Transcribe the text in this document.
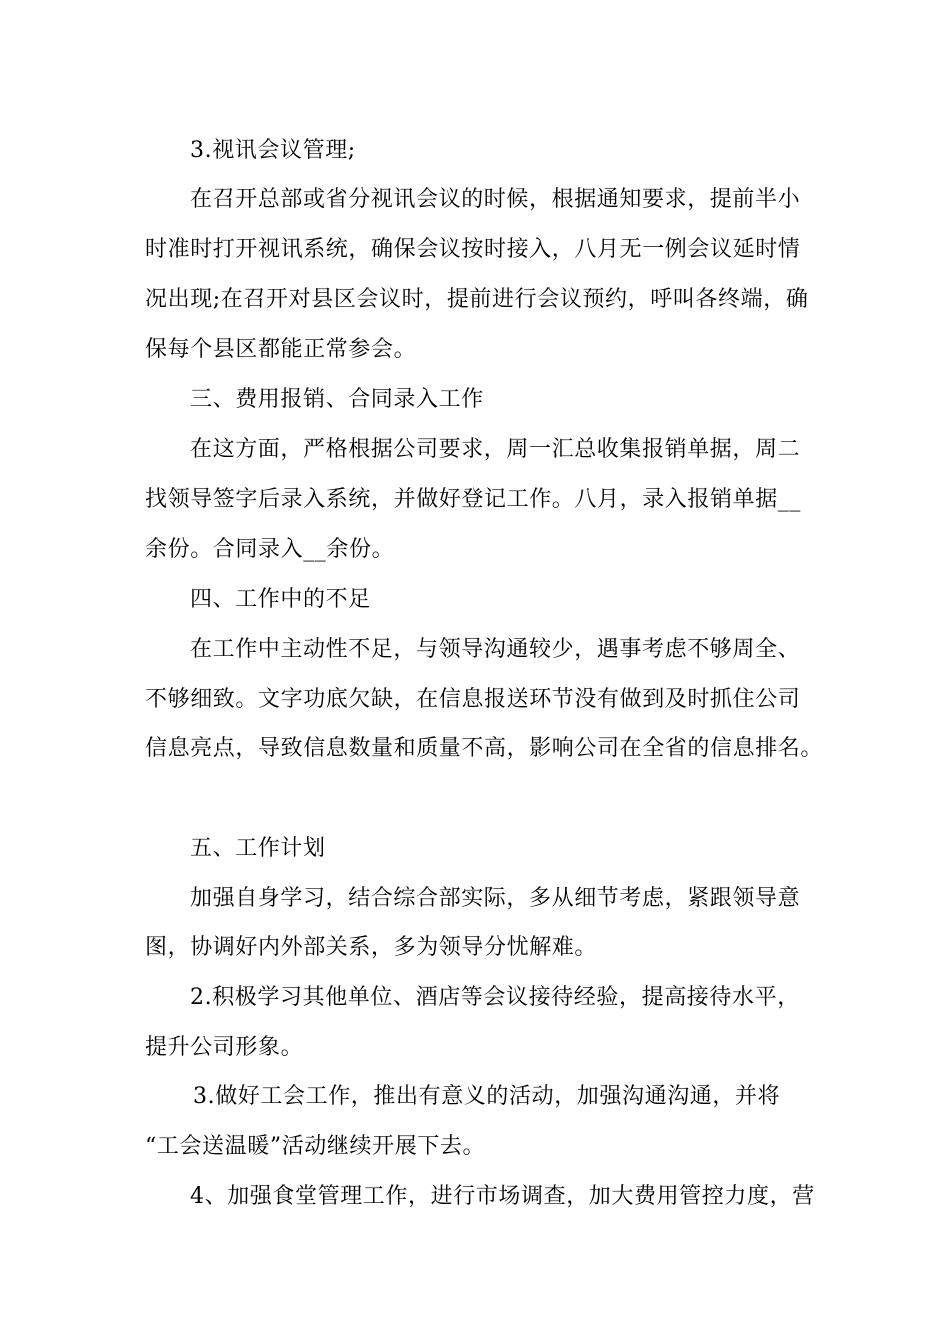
3.视讯会议管理;
在召开总部或省分视讯会议的时候，根据通知要求，提前半小
时准时打开视讯系统，确保会议按时接入，八月无一例会议延时情
况出现;在召开对县区会议时，提前进行会议预约，呼叫各终端，确
保每个县区都能正常参会。
三、费用报销、合同录入工作
在这方面，严格根据公司要求，周一汇总收集报销单据，周二
找领导签字后录入系统，并做好登记工作。八月，录入报销单据__
余份。合同录入__余份。
四、工作中的不足
在工作中主动性不足，与领导沟通较少，遇事考虑不够周全、
不够细致。文字功底欠缺，在信息报送环节没有做到及时抓住公司
信息亮点，导致信息数量和质量不高，影响公司在全省的信息排名。
五、工作计划
加强自身学习，结合综合部实际，多从细节考虑，紧跟领导意
图，协调好内外部关系，多为领导分忧解难。
2.积极学习其他单位、酒店等会议接待经验，提高接待水平，
提升公司形象。
3.做好工会工作，推出有意义的活动，加强沟通沟通，并将
“工会送温暖”活动继续开展下去。
4、加强食堂管理工作，进行市场调查，加大费用管控力度，营
